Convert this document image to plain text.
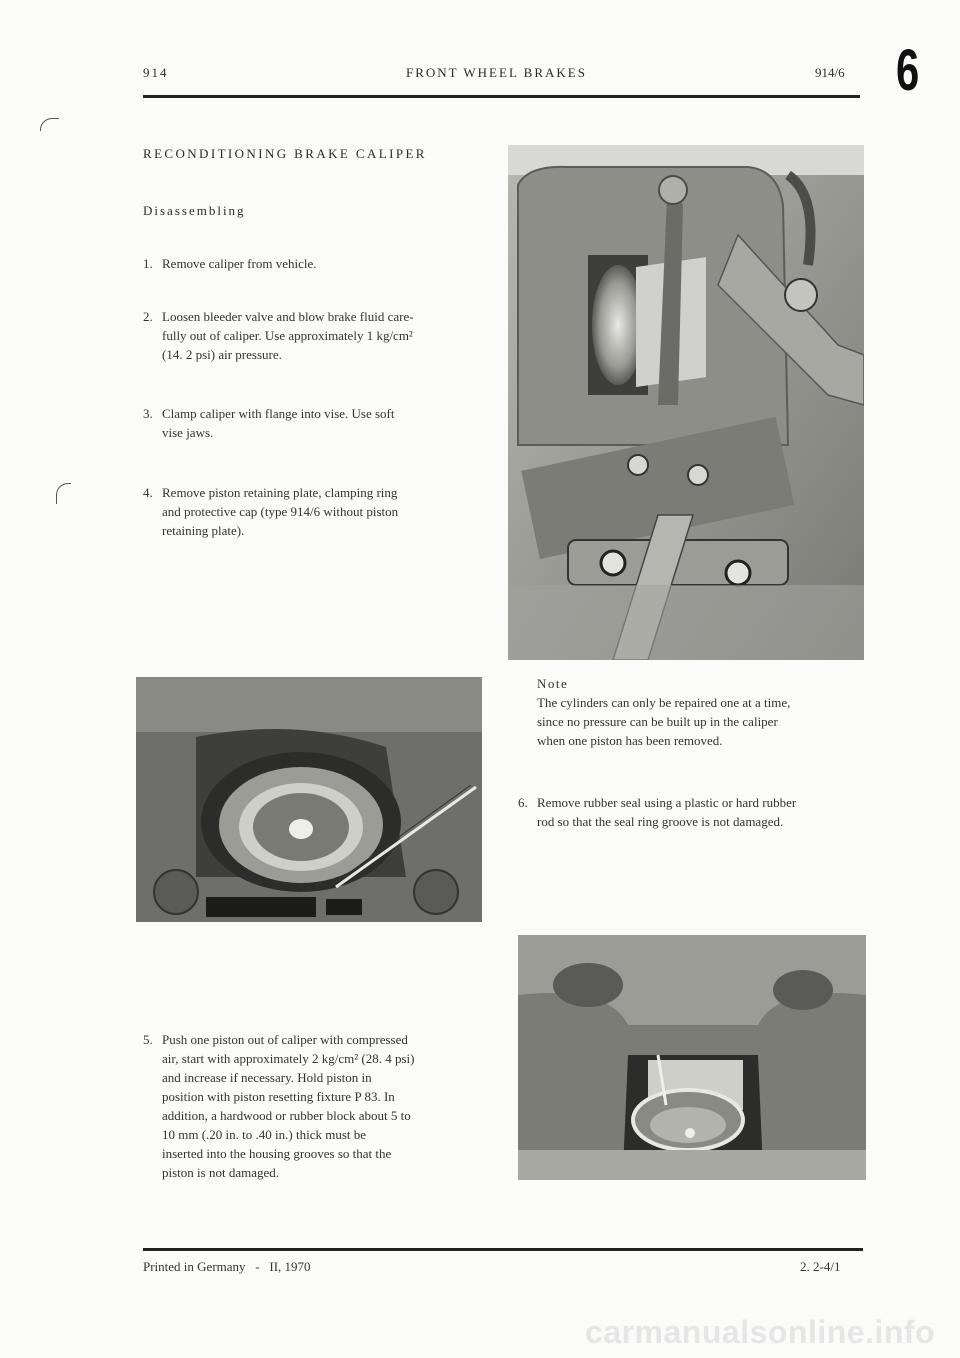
914	FRONT WHEEL BRAKES	914/6 6
RECONDITIONING BRAKE CALIPER
Disassembling
1. Remove caliper from vehicle.
2. Loosen bleeder valve and blow brake fluid care-
fully out of caliper. Use approximately 1 kg/cm²
(14. 2 psi) air pressure.
3. Clamp caliper with flange into vise. Use soft
vise jaws.
4. Remove piston retaining plate, clamping ring
and protective cap (type 914/6 without piston
retaining plate).
Note
The cylinders can only be repaired one at a time,
since no pressure can be built up in the caliper
when one piston has been removed.
6. Remove rubber seal using a plastic or hard rubber
rod so that the seal ring groove is not damaged.
5. Push one piston out of caliper with compressed
air, start with approximately 2 kg/cm² (28. 4 psi)
and increase if necessary. Hold piston in
position with piston resetting fixture P 83. In
addition, a hardwood or rubber block about 5 to
10 mm (.20 in. to .40 in.) thick must be
inserted into the housing grooves so that the
piston is not damaged.
Printed in Germany   -   II, 1970	2. 2-4/1
carmanualsonline.info
